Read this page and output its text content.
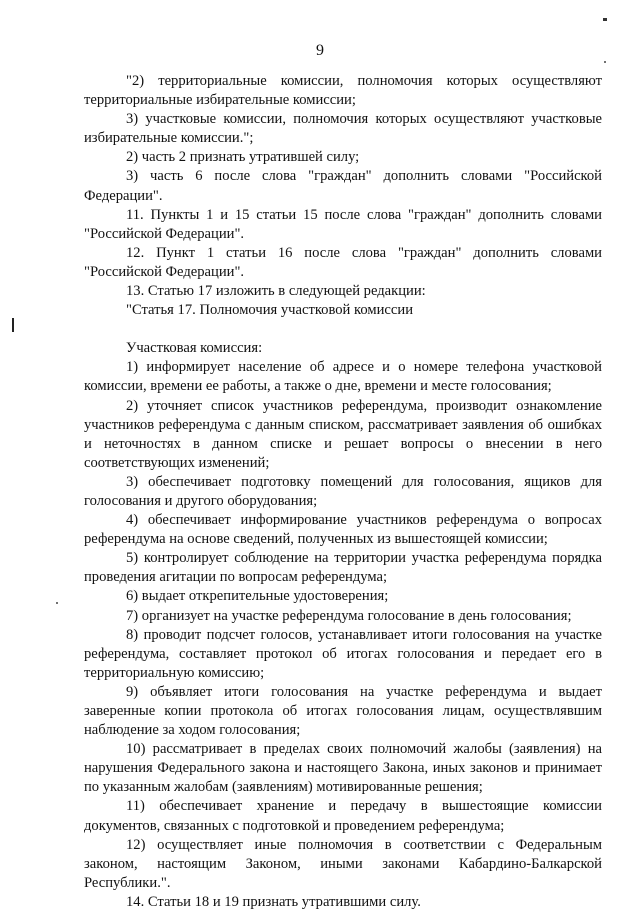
9

"2) территориальные комиссии, полномочия которых осуществляют территориальные избирательные комиссии;

3) участковые комиссии, полномочия которых осуществляют участковые избирательные комиссии.";

2) часть 2 признать утратившей силу;

3) часть 6 после слова "граждан" дополнить словами "Российской Федерации".

11. Пункты 1 и 15 статьи 15 после слова "граждан" дополнить словами "Российской Федерации".

12. Пункт 1 статьи 16 после слова "граждан" дополнить словами "Российской Федерации".

13. Статью 17 изложить в следующей редакции:

"Статья 17. Полномочия участковой комиссии

Участковая комиссия:

1) информирует население об адресе и о номере телефона участковой комиссии, времени ее работы, а также о дне, времени и месте голосования;

2) уточняет список участников референдума, производит ознакомление участников референдума с данным списком, рассматривает заявления об ошибках и неточностях в данном списке и решает вопросы о внесении в него соответствующих изменений;

3) обеспечивает подготовку помещений для голосования, ящиков для голосования и другого оборудования;

4) обеспечивает информирование участников референдума о вопросах референдума на основе сведений, полученных из вышестоящей комиссии;

5) контролирует соблюдение на территории участка референдума порядка проведения агитации по вопросам референдума;

6) выдает открепительные удостоверения;

7) организует на участке референдума голосование в день голосования;

8) проводит подсчет голосов, устанавливает итоги голосования на участке референдума, составляет протокол об итогах голосования и передает его в территориальную комиссию;

9) объявляет итоги голосования на участке референдума и выдает заверенные копии протокола об итогах голосования лицам, осуществлявшим наблюдение за ходом голосования;

10) рассматривает в пределах своих полномочий жалобы (заявления) на нарушения Федерального закона и настоящего Закона, иных законов и принимает по указанным жалобам (заявлениям) мотивированные решения;

11) обеспечивает хранение и передачу в вышестоящие комиссии документов, связанных с подготовкой и проведением референдума;

12) осуществляет иные полномочия в соответствии с Федеральным законом, настоящим Законом, иными законами Кабардино-Балкарской Республики.".

14. Статьи 18 и 19 признать утратившими силу.
